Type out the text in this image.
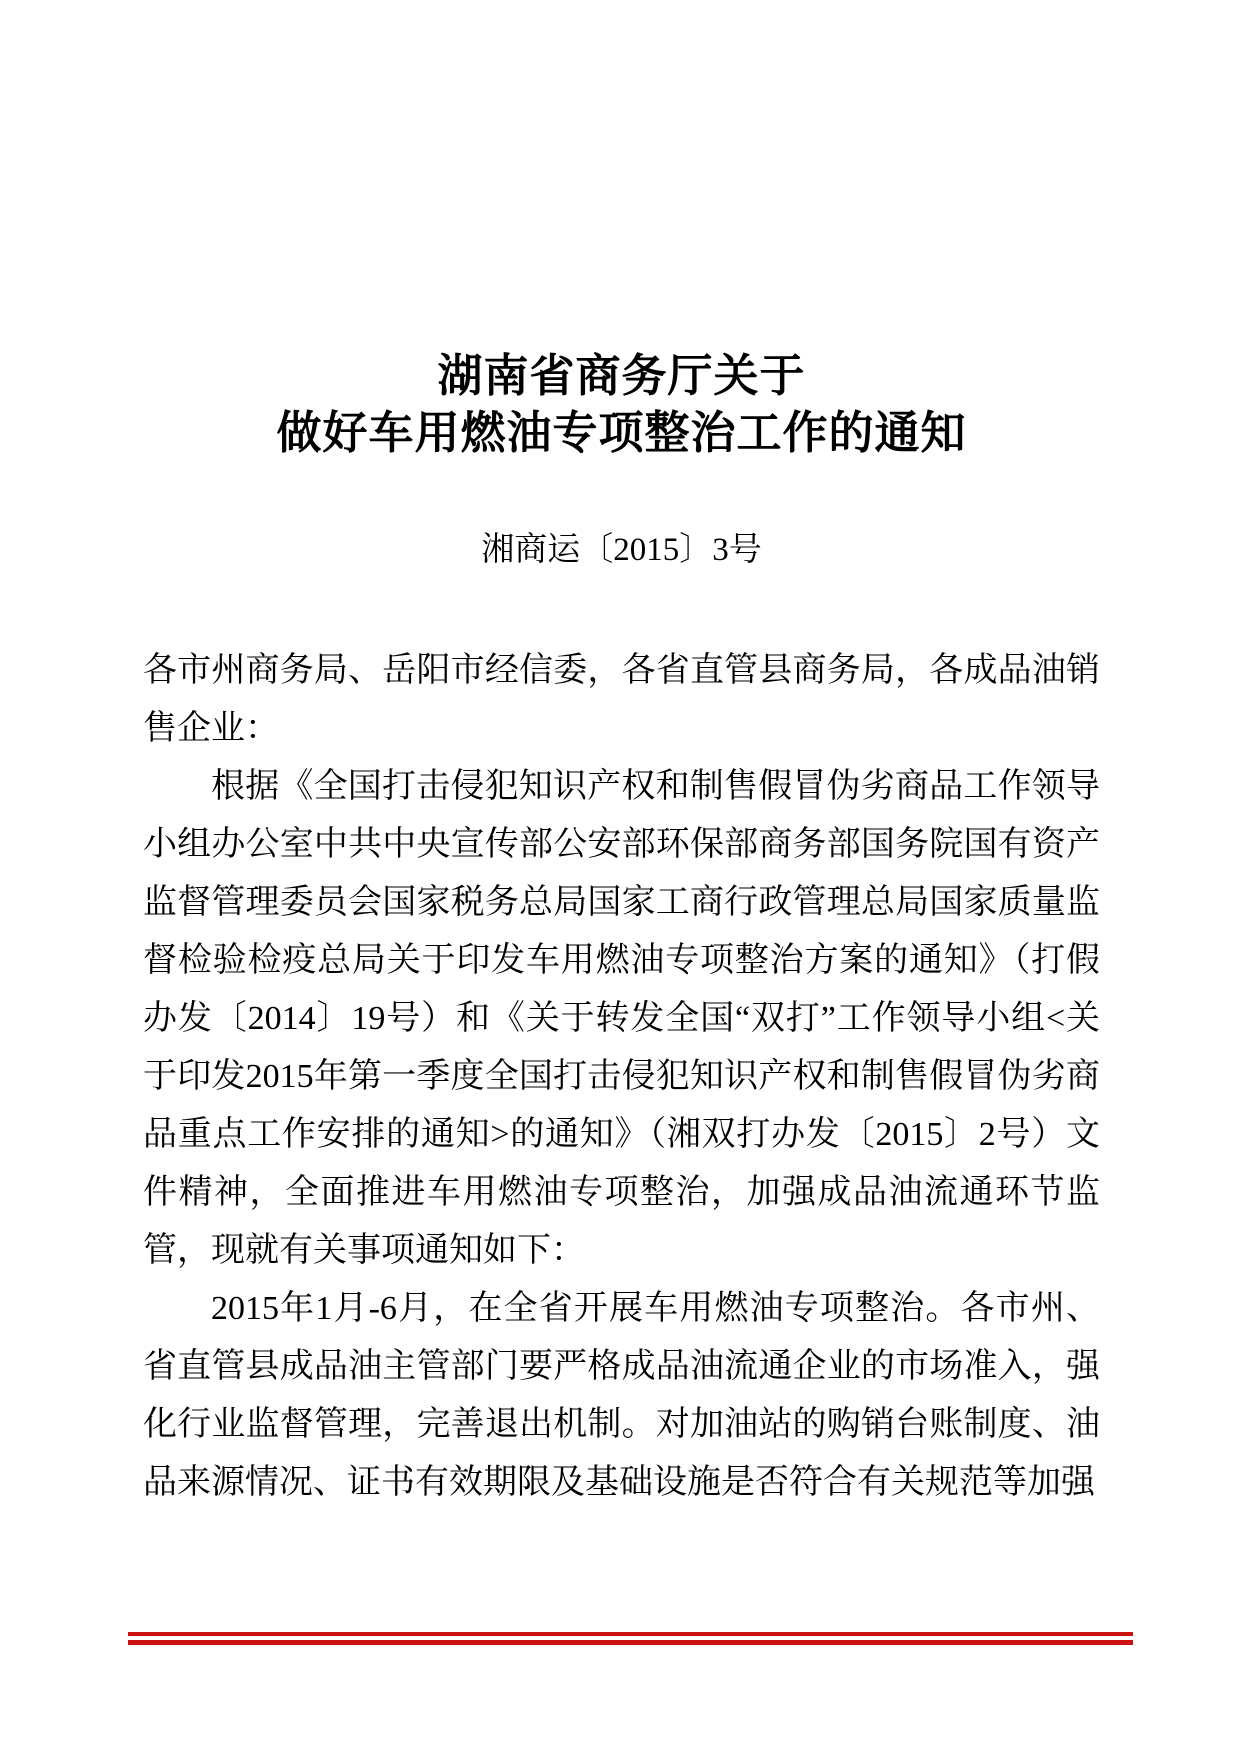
湖南省商务厅关于
做好车用燃油专项整治工作的通知
湘商运〔2015〕3号

各市州商务局、岳阳市经信委，各省直管县商务局，各成品油销售企业：

根据《全国打击侵犯知识产权和制售假冒伪劣商品工作领导小组办公室中共中央宣传部公安部环保部商务部国务院国有资产监督管理委员会国家税务总局国家工商行政管理总局国家质量监督检验检疫总局关于印发车用燃油专项整治方案的通知》（打假办发〔2014〕19号）和《关于转发全国“双打”工作领导小组<关于印发2015年第一季度全国打击侵犯知识产权和制售假冒伪劣商品重点工作安排的通知>的通知》（湘双打办发〔2015〕2号）文件精神，全面推进车用燃油专项整治，加强成品油流通环节监管，现就有关事项通知如下：

2015年1月-6月，在全省开展车用燃油专项整治。各市州、省直管县成品油主管部门要严格成品油流通企业的市场准入，强化行业监督管理，完善退出机制。对加油站的购销台账制度、油品来源情况、证书有效期限及基础设施是否符合有关规范等加强
